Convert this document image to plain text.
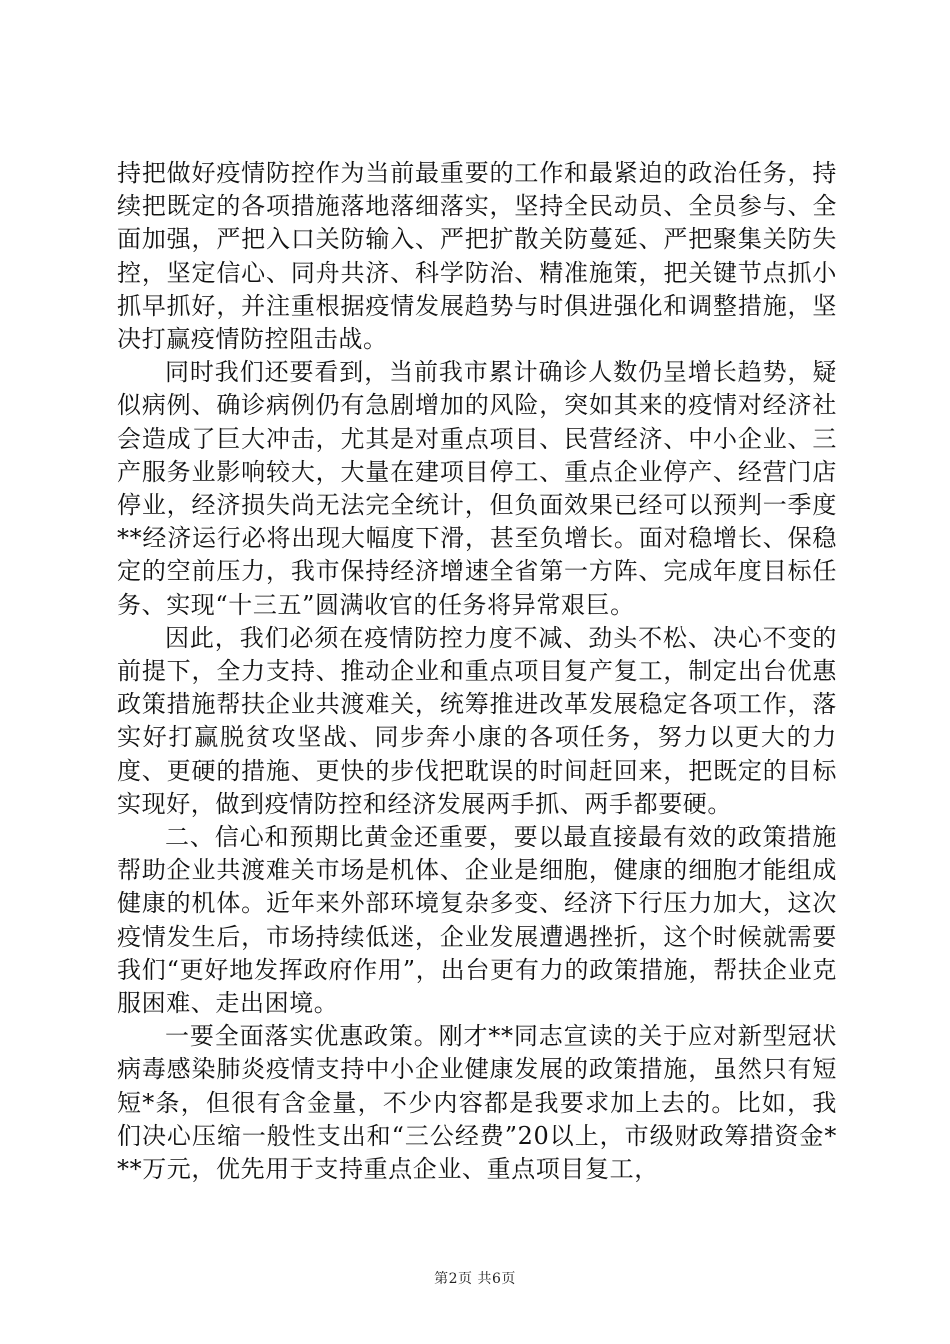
持把做好疫情防控作为当前最重要的工作和最紧迫的政治任务，持续把既定的各项措施落地落细落实，坚持全民动员、全员参与、全面加强，严把入口关防输入、严把扩散关防蔓延、严把聚集关防失控，坚定信心、同舟共济、科学防治、精准施策，把关键节点抓小抓早抓好，并注重根据疫情发展趋势与时俱进强化和调整措施，坚决打赢疫情防控阻击战。

同时我们还要看到，当前我市累计确诊人数仍呈增长趋势，疑似病例、确诊病例仍有急剧增加的风险，突如其来的疫情对经济社会造成了巨大冲击，尤其是对重点项目、民营经济、中小企业、三产服务业影响较大，大量在建项目停工、重点企业停产、经营门店停业，经济损失尚无法完全统计，但负面效果已经可以预判一季度**经济运行必将出现大幅度下滑，甚至负增长。面对稳增长、保稳定的空前压力，我市保持经济增速全省第一方阵、完成年度目标任务、实现“十三五”圆满收官的任务将异常艰巨。

因此，我们必须在疫情防控力度不减、劲头不松、决心不变的前提下，全力支持、推动企业和重点项目复产复工，制定出台优惠政策措施帮扶企业共渡难关，统筹推进改革发展稳定各项工作，落实好打赢脱贫攻坚战、同步奔小康的各项任务，努力以更大的力度、更硬的措施、更快的步伐把耽误的时间赶回来，把既定的目标实现好，做到疫情防控和经济发展两手抓、两手都要硬。

二、信心和预期比黄金还重要，要以最直接最有效的政策措施帮助企业共渡难关市场是机体、企业是细胞，健康的细胞才能组成健康的机体。近年来外部环境复杂多变、经济下行压力加大，这次疫情发生后，市场持续低迷，企业发展遭遇挫折，这个时候就需要我们“更好地发挥政府作用”，出台更有力的政策措施，帮扶企业克服困难、走出困境。

一要全面落实优惠政策。刚才**同志宣读的关于应对新型冠状病毒感染肺炎疫情支持中小企业健康发展的政策措施，虽然只有短短*条，但很有含金量，不少内容都是我要求加上去的。比如，我们决心压缩一般性支出和“三公经费”20以上，市级财政筹措资金***万元，优先用于支持重点企业、重点项目复工，

第2页 共6页
